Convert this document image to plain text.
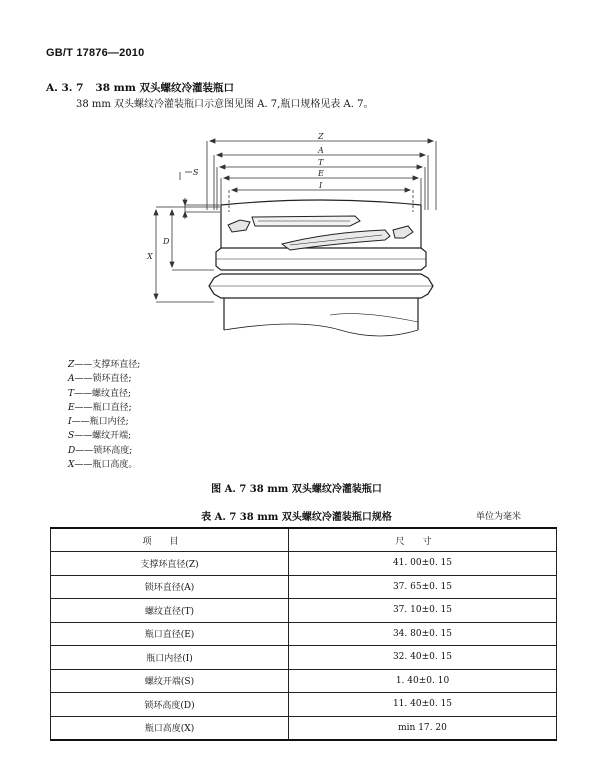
GB/T 17876—2010
A. 3. 7 38 mm 双头螺纹冷灌装瓶口
38 mm 双头螺纹冷灌装瓶口示意图见图 A. 7,瓶口规格见表 A. 7。
Z
A
T
E
I
S
D
X
Z——支撑环直径;
A——锁环直径;
T——螺纹直径;
E——瓶口直径;
I——瓶口内径;
S——螺纹开端;
D——锁环高度;
X——瓶口高度。
图 A. 7 38 mm 双头螺纹冷灌装瓶口
表 A. 7 38 mm 双头螺纹冷灌装瓶口规格	单位为毫米
项目	尺寸
支撑环直径(Z)	41. 00±0. 15
锁环直径(A)	37. 65±0. 15
螺纹直径(T)	37. 10±0. 15
瓶口直径(E)	34. 80±0. 15
瓶口内径(I)	32. 40±0. 15
螺纹开端(S)	1. 40±0. 10
锁环高度(D)	11. 40±0. 15
瓶口高度(X)	min 17. 20
